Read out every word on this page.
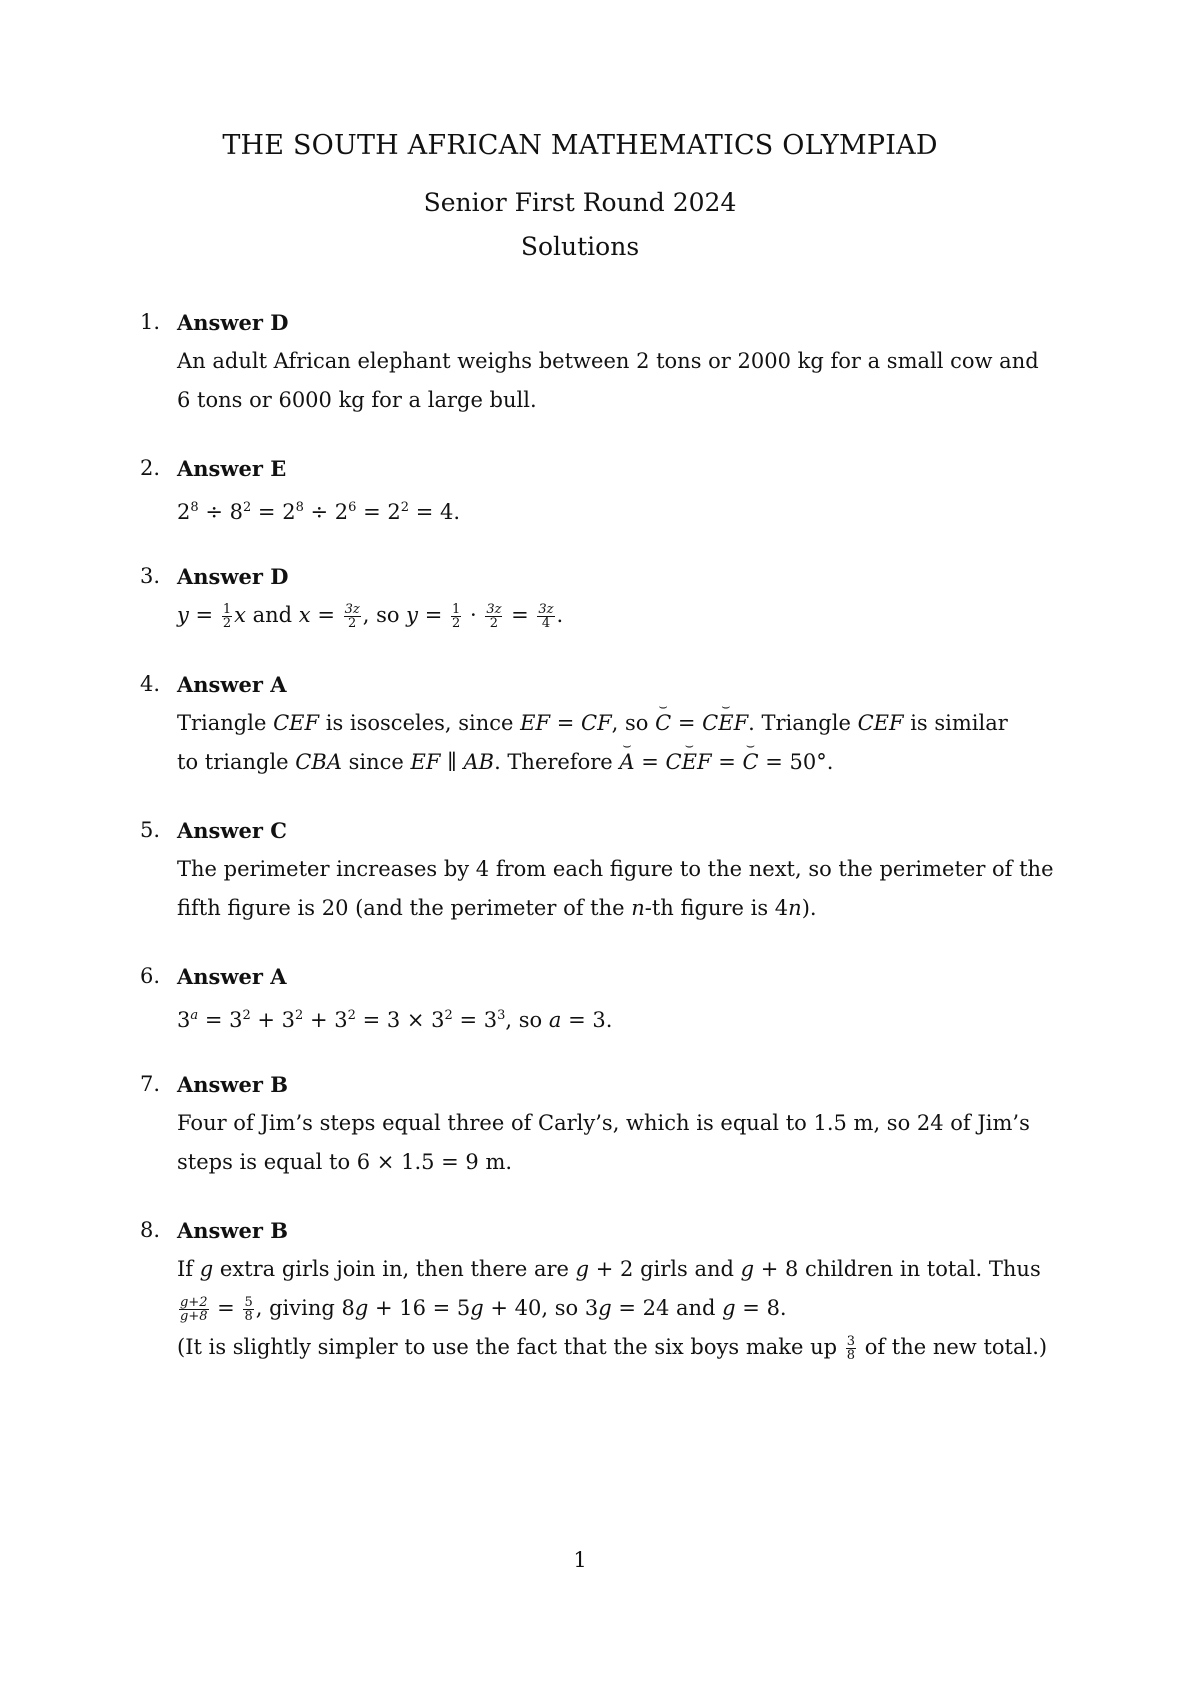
THE SOUTH AFRICAN MATHEMATICS OLYMPIAD
Senior First Round 2024
Solutions
1. Answer D
An adult African elephant weighs between 2 tons or 2000 kg for a small cow and
6 tons or 6000 kg for a large bull.
2. Answer E
$2^8 \div 8^2 = 2^8 \div 2^6 = 2^2 = 4$.
3. Answer D
$y = \frac{1}{2}$ x and $x = \frac{3z}{2}$ , so $y = \frac{1}{2} \cdot \frac{3z}{2} = \frac{3z}{4}$ .
4. Answer A
Triangle CEF is isosceles, since EF = CF, so ⌢ C = C⌢ EF. Triangle CEF is similar
to triangle CBA since EF ∥ AB. Therefore ⌢ A = C⌢ EF = ⌢ C = 50°.
5. Answer C
The perimeter increases by 4 from each figure to the next, so the perimeter of the
fifth figure is 20 (and the perimeter of the n-th figure is 4n).
6. Answer A
$3^a = 3^2 + 3^2 + 3^2 = 3 \times 3^2 = 3^3$, so a = 3.
7. Answer B
Four of Jim’s steps equal three of Carly’s, which is equal to 1.5 m, so 24 of Jim’s
steps is equal to 6 × 1.5 = 9 m.
8. Answer B
If g extra girls join in, then there are g + 2 girls and g + 8 children in total. Thus
$\frac{g+2}{g+8} = \frac{5}{8}$ , giving 8g + 16 = 5g + 40, so 3g = 24 and g = 8.
(It is slightly simpler to use the fact that the six boys make up $\frac{3}{8}$ of the new total.)
1
